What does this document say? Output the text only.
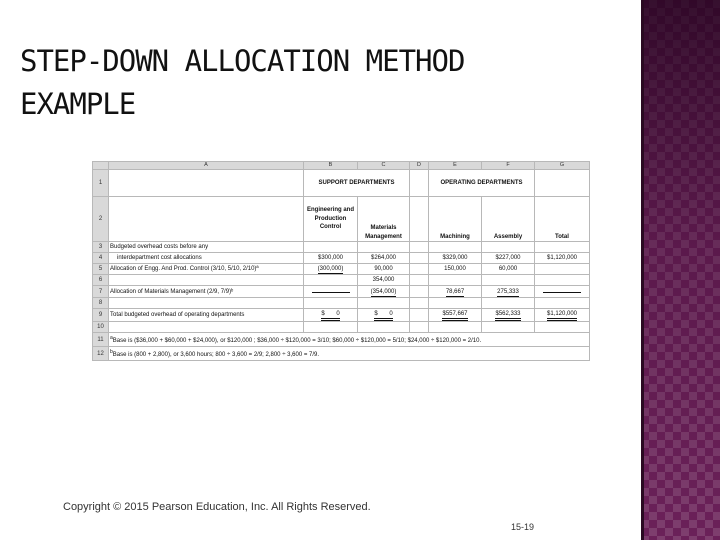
STEP-DOWN ALLOCATION METHOD
EXAMPLE
	A	B	C	D	E	F	G
1		SUPPORT DEPARTMENTS			OPERATING DEPARTMENTS		
2		Engineering and Production Control	Materials Management		Machining	Assembly	Total
3	Budgeted overhead costs before any						
4	interdepartment cost allocations	$300,000	$264,000		$329,000	$227,000	$1,120,000
5	Allocation of Engg. And Prod. Control (3/10, 5/10, 2/10)ª	(300,000)	90,000		150,000	60,000	
6			354,000				
7	Allocation of Materials Management (2/9, 7/9)ᵇ		(354,000)		78,667	275,333	
8							
9	Total budgeted overhead of operating departments	$ 0	$ 0		$557,667	$562,333	$1,120,000
10							
11	$^a$Base is ($36,000 + $60,000 + $24,000), or $120,000 ; $36,000 ÷ $120,000 = 3/10; $60,000 ÷ $120,000 = 5/10; $24,000 ÷ $120,000 = 2/10.						
12	$^b$Base is (800 + 2,800), or 3,600 hours; 800 ÷ 3,600 = 2/9; 2,800 ÷ 3,600 = 7/9.						
Copyright © 2015 Pearson Education, Inc. All Rights Reserved.
15-19
